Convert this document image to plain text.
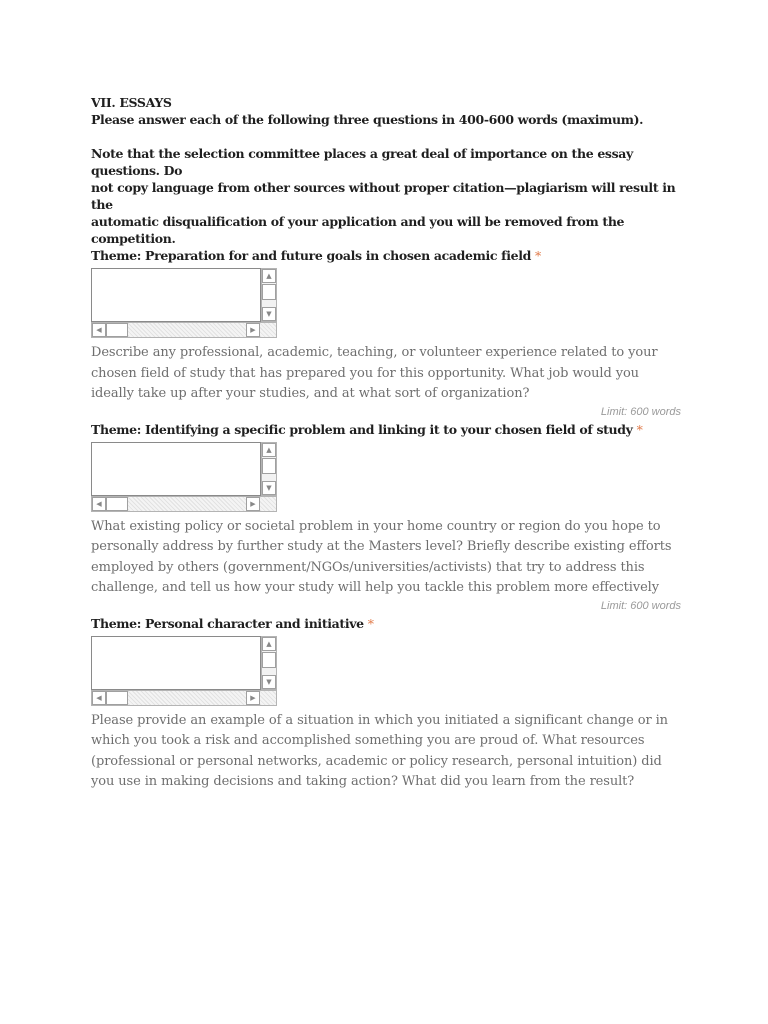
VII. ESSAYS
Please answer each of the following three questions in 400-600 words (maximum).
Note that the selection committee places a great deal of importance on the essay questions. Do
not copy language from other sources without proper citation—plagiarism will result in the
automatic disqualification of your application and you will be removed from the competition.
Theme: Preparation for and future goals in chosen academic field *
▲
▼
◀	▶
Describe any professional, academic, teaching, or volunteer experience related to your
chosen field of study that has prepared you for this opportunity. What job would you
ideally take up after your studies, and at what sort of organization?
Limit: 600 words
Theme: Identifying a specific problem and linking it to your chosen field of study *
▲
▼
◀	▶
What existing policy or societal problem in your home country or region do you hope to
personally address by further study at the Masters level? Briefly describe existing efforts
employed by others (government/NGOs/universities/activists) that try to address this
challenge, and tell us how your study will help you tackle this problem more effectively
Limit: 600 words
Theme: Personal character and initiative *
▲
▼
◀	▶
Please provide an example of a situation in which you initiated a significant change or in
which you took a risk and accomplished something you are proud of. What resources
(professional or personal networks, academic or policy research, personal intuition) did
you use in making decisions and taking action? What did you learn from the result?
